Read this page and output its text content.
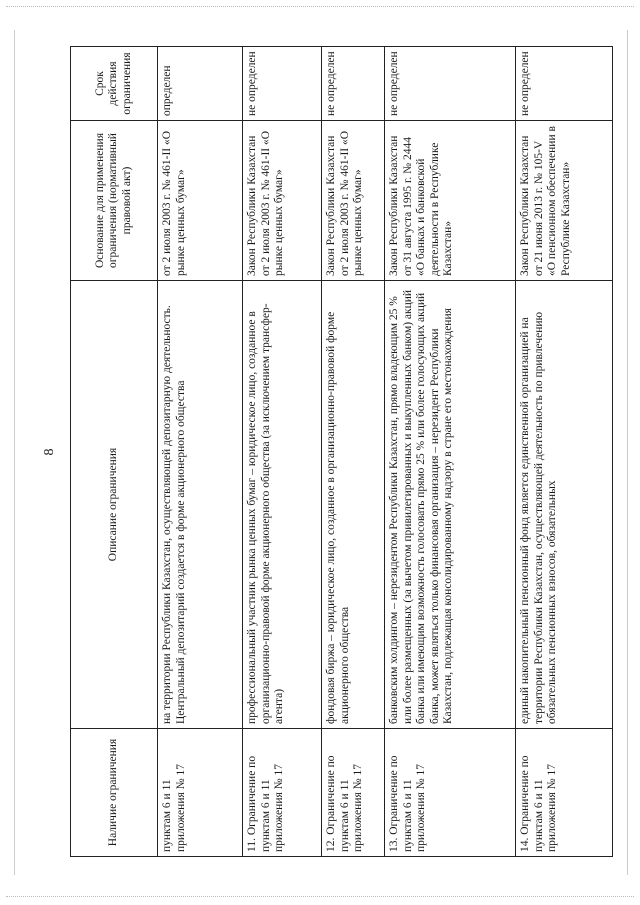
8
Наличие ограничения	Описание ограничения	Основание для применения ограничения (нормативный правовой акт)	Срок действия ограничения
пунктам 6 и 11 приложения № 17	на территории Республики Казахстан, осуществляющей депозитарную деятельность. Центральный депозитарий создается в форме акционерного общества	от 2 июля 2003 г. № 461-II «О рынке ценных бумаг»	определен
11. Ограничение по пунктам 6 и 11 приложения № 17	профессиональный участник рынка ценных бумаг – юридическое лицо, созданное в организационно-правовой форме акционерного общества (за исключением трансфер-агента)	Закон Республики Казахстан от 2 июля 2003 г. № 461-II «О рынке ценных бумаг»	не определен
12. Ограничение по пунктам 6 и 11 приложения № 17	фондовая биржа – юридическое лицо, созданное в организационно-правовой форме акционерного общества	Закон Республики Казахстан от 2 июля 2003 г. № 461-II «О рынке ценных бумаг»	не определен
13. Ограничение по пунктам 6 и 11 приложения № 17	банковским холдингом – нерезидентом Республики Казахстан, прямо владеющим 25 % или более размещенных (за вычетом привилегированных и выкупленных банком) акций банка или имеющим возможность голосовать прямо 25 % или более голосующих акций банка, может являться только финансовая организация – нерезидент Республики Казахстан, подлежащая консолидированному надзору в стране его местонахождения	Закон Республики Казахстан от 31 августа 1995 г. № 2444 «О банках и банковской деятельности в Республике Казахстан»	не определен
14. Ограничение по пунктам 6 и 11 приложения № 17	единый накопительный пенсионный фонд является единственной организацией на территории Республики Казахстан, осуществляющей деятельность по привлечению обязательных пенсионных взносов, обязательных	Закон Республики Казахстан от 21 июня 2013 г. № 105-V «О пенсионном обеспечении в Республике Казахстан»	не определен
